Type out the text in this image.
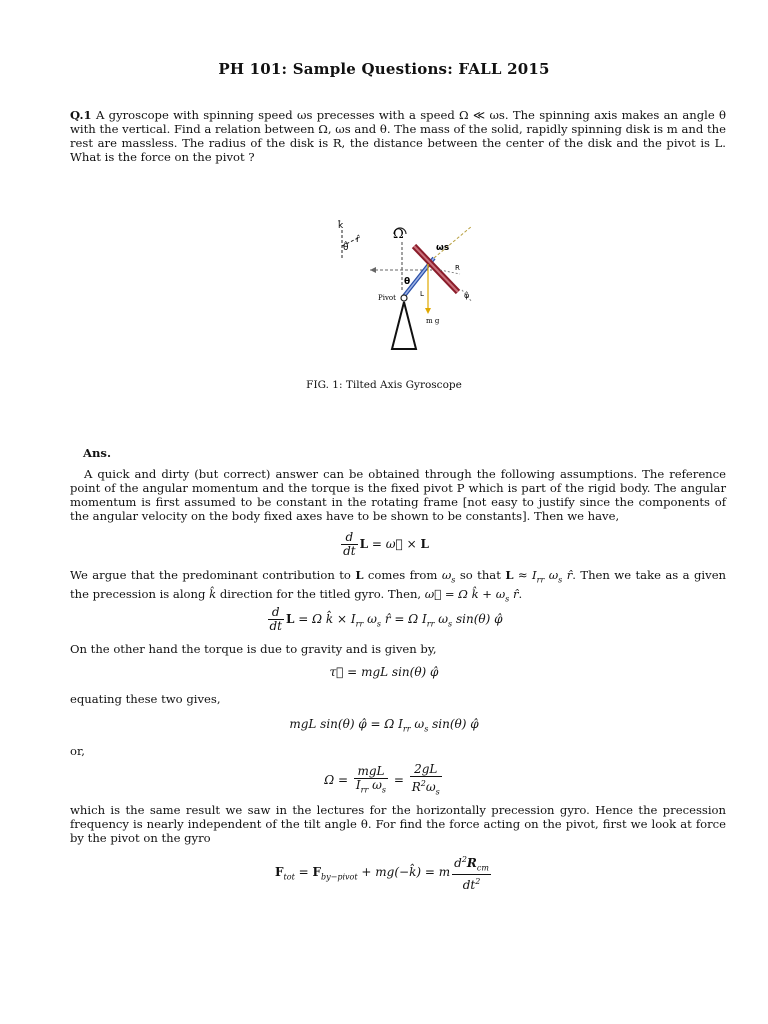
PH 101: Sample Questions: FALL 2015
Q.1 A gyroscope with spinning speed ωs precesses with a speed Ω ≪ ωs. The spinning axis makes an angle θ with the vertical. Find a relation between Ω, ωs and θ. The mass of the solid, rapidly spinning disk is m and the rest are massless. The radius of the disk is R, the distance between the center of the disk and the pivot is L. What is the force on the pivot ?
k̂
θ̂
r̂	Ω
ωs
R
φ̂
m g
L
θ
Pivot
FIG. 1: Tilted Axis Gyroscope
Ans.
A quick and dirty (but correct) answer can be obtained through the following assumptions. The reference point of the angular momentum and the torque is the fixed pivot P which is part of the rigid body. The angular momentum is first assumed to be constant in the rotating frame [not easy to justify since the components of the angular velocity on the body fixed axes have to be shown to be constants]. Then we have,
$\frac{d}{dt}$ L = ω⃗ × L
We argue that the predominant contribution to L comes from $\omega_s$ so that $L \approx I_{rr}$ $\omega_s$ r̂. Then we take as a given the precession is along k̂ direction for the titled gyro. Then, ω⃗ = Ω k̂ + $\omega_s$ r̂.
$\frac{d}{dt}$ L = Ω k̂ × $I_{rr}$ $\omega_s$ r̂ = Ω $I_{rr}$ $\omega_s$ sin(θ) φ̂
On the other hand the torque is due to gravity and is given by,
τ⃗ = mgL sin(θ) φ̂
equating these two gives,
mgL sin(θ) φ̂ = Ω $I_{rr}$ $\omega_s$ sin(θ) φ̂
or,
$\Omega = \frac{\text{mgL}}{I_{rr} \omega_s} = \frac{2gL}{R^2\omega_s}$
which is the same result we saw in the lectures for the horizontally precession gyro. Hence the precession frequency is nearly independent of the tilt angle θ. For find the force acting on the pivot, first we look at force by the pivot on the gyro
$F_{tot} = F_{by-pivot}$ + mg(−k̂) = m $\frac{d^2R_{cm}}{dt^2}$
